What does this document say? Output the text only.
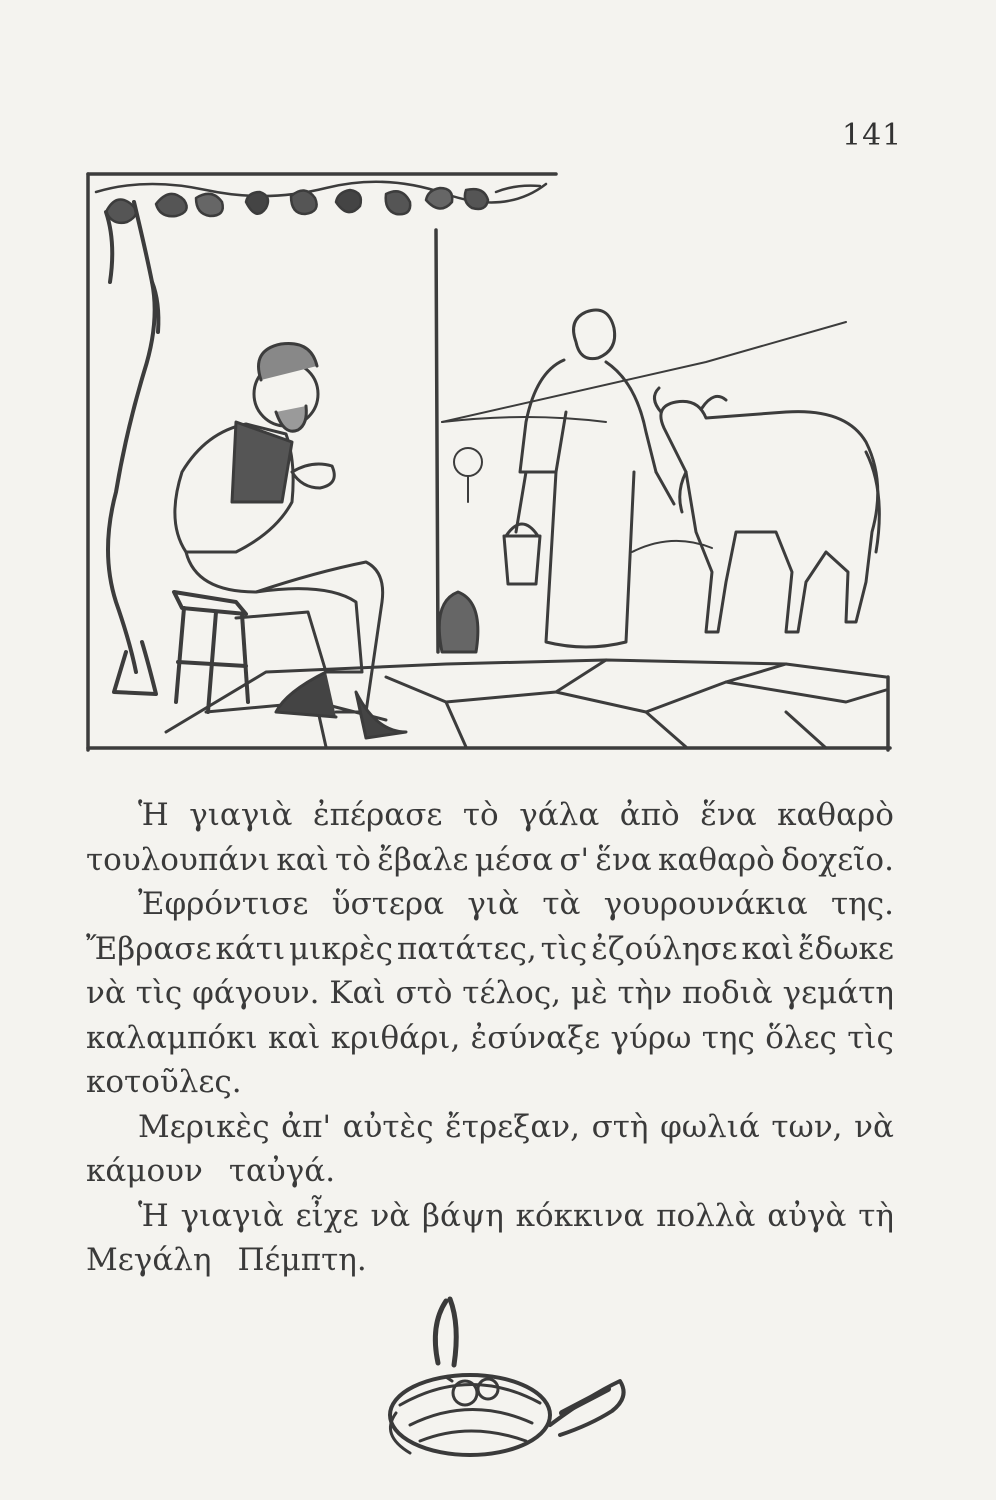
141
Ἡ γιαγιὰ ἐπέρασε τὸ γάλα ἀπὸ ἕνα καθαρὸ
τουλουπάνι καὶ τὸ ἔβαλε μέσα σ' ἕνα καθαρὸ δοχεῖο.
Ἐφρόντισε ὕστερα γιὰ τὰ γουρουνάκια της.
Ἔβρασε κάτι μικρὲς πατάτες, τὶς ἐζούλησε καὶ ἔδωκε
νὰ τὶς φάγουν. Καὶ στὸ τέλος, μὲ τὴν ποδιὰ γεμάτη
καλαμπόκι καὶ κριθάρι, ἐσύναξε γύρω της ὅλες τὶς
κοτοῦλες.
Μερικὲς ἀπ' αὐτὲς ἔτρεξαν, στὴ φωλιά των, νὰ
κάμουν ταὐγά.
Ἡ γιαγιὰ εἶχε νὰ βάψη κόκκινα πολλὰ αὐγὰ τὴ
Μεγάλη Πέμπτη.
